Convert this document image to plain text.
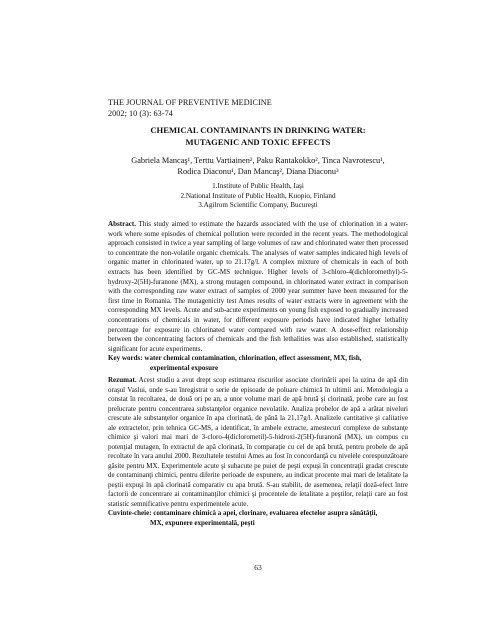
THE JOURNAL OF PREVENTIVE MEDICINE
2002; 10 (3): 63-74
CHEMICAL CONTAMINANTS IN DRINKING WATER:
MUTAGENIC AND TOXIC EFFECTS
Gabriela Mancaş¹, Terttu Vartiainen², Paku Rantakokko², Tinca Navrotescu¹,
Rodica Diaconu¹, Dan Mancaş², Diana Diaconu³
1.Institute of Public Health, Iaşi
2.National Institute of Public Health, Kuopio, Finland
3.Agilrom Scientific Company, Bucureşti

Abstract. This study aimed to estimate the hazards associated with the use of chlorination in a water-work where some episodes of chemical pollution were recorded in the recent years. The methodological approach consisted in twice a year sampling of large volumes of raw and chlorinated water then processed to concentrate the non-volatile organic chemicals. The analyses of water samples indicated high levels of organic matter in chlorinated water, up to 21.17g/l. A complex mixture of chemicals in each of both extracts has been identified by GC-MS technique. Higher levels of 3-chloro-4(dichloromethyl)-5-hydroxy-2(5H)-furanone (MX), a strong mutagen compound, in chlorinated water extract in comparison with the corresponding raw water extract of samples of 2000 year summer have been measured for the first time in Romania. The mutagenicity test Ames results of water extracts were in agreement with the corresponding MX levels. Acute and sub-acute experiments on young fish exposed to gradually increased concentrations of chemicals in water, for different exposure periods have indicated higher lethality percentage for exposure in chlorinated water compared with raw water. A dose-effect relationship between the concentrating factors of chemicals and the fish lethalities was also established, statistically significant for acute experiments.

Key words: water chemical contamination, chlorination, effect assessment, MX, fish,

experimental exposure

Rezumat. Acest studiu a avut drept scop estimarea riscurilor asociate clorinării apei la uzina de apă din oraşul Vaslui, unde s-au înregistrat o serie de episoade de poluare chimică în ultimii ani. Metodologia a constat în recoltarea, de două ori pe an, a unor volume mari de apă brută şi clorinată, probe care au fost prelucrate pentru concentrarea substanţelor organice nevolatile. Analiza probelor de apă a arătat niveluri crescute ale substanţelor organice în apa clorinată, de până la 21,17g/l. Analizele cantitative şi calitative ale extractelor, prin tehnica GC-MS, a identificat, în ambele extracte, amestecuri complexe de substanţe chimice şi valori mai mari de 3-cloro-4(diclorometil)-5-hidroxi-2(5H)-furanonă (MX), un compus cu potenţial mutagen, în extractul de apă clorinată, în comparaţie cu cel de apă brută, pentru probele de apă recoltate în vara anului 2000. Rezultatele testului Ames au fost în concordanţă cu nivelele corespunzătoare găsite pentru MX. Experimentele acute şi subacute pe puiet de peşti expuşi în concentraţii gradat crescute de contaminanţi chimici, pentru diferite perioade de expunere, au indicat procente mai mari de letalitate la peştii expuşi în apă clorinată comparativ cu apa brută. S-au stabilit, de asemenea, relaţii doză-efect între factorii de concentrare ai contaminanţilor chimici şi procentele de letalitate a peştilor, relaţii care au fost statistic semnificative pentru experimentele acute.

Cuvinte-cheie: contaminare chimică a apei, clorinare, evaluarea efectelor asupra sănătăţii,

MX, expunere experimentală, peşti

63
